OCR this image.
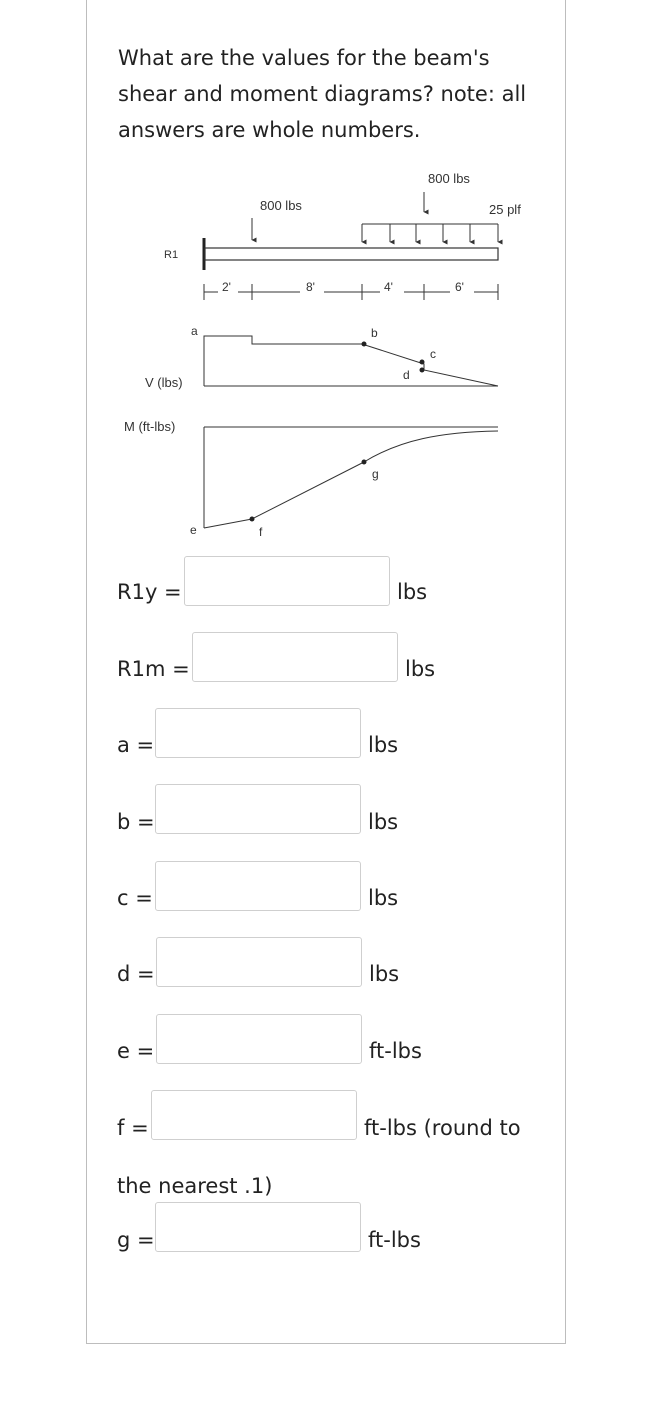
What are the values for the beam's
shear and moment diagrams? note: all
answers are whole numbers.
R1
800 lbs
800 lbs
25 plf
2'	8'	4'	6'
V (lbs)
a	b
c
d
M (ft-lbs)
e	f
g
R1y =	lbs
R1m =	lbs
a =	lbs
b =	lbs
c =	lbs
d =	lbs
e =	ft-lbs
f =	ft-lbs (round to
the nearest .1)
g =	ft-lbs
